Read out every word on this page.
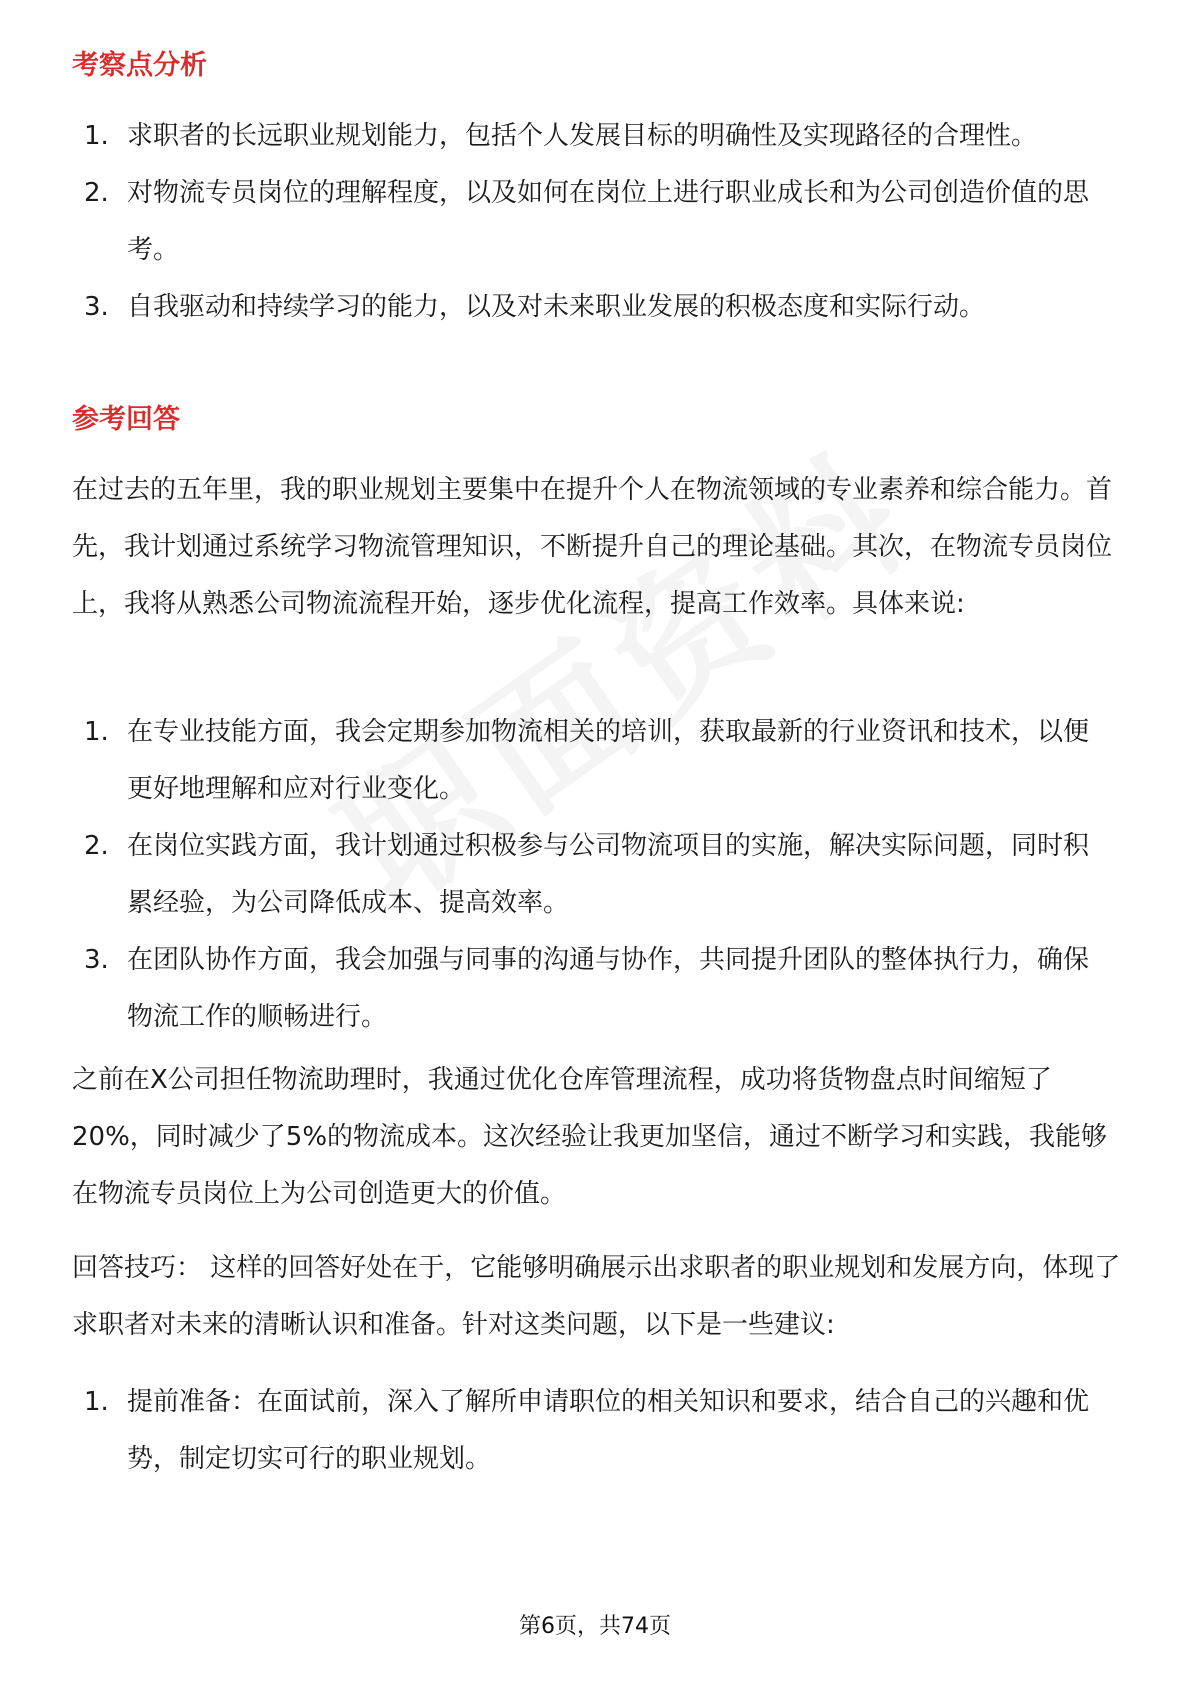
考察点分析
1. 求职者的长远职业规划能力，包括个人发展目标的明确性及实现路径的合理性。
2. 对物流专员岗位的理解程度，以及如何在岗位上进行职业成长和为公司创造价值的思考。
3. 自我驱动和持续学习的能力，以及对未来职业发展的积极态度和实际行动。
参考回答

在过去的五年里，我的职业规划主要集中在提升个人在物流领域的专业素养和综合能力。首先，我计划通过系统学习物流管理知识，不断提升自己的理论基础。其次，在物流专员岗位上，我将从熟悉公司物流流程开始，逐步优化流程，提高工作效率。具体来说:

1. 在专业技能方面，我会定期参加物流相关的培训，获取最新的行业资讯和技术，以便更好地理解和应对行业变化。
2. 在岗位实践方面，我计划通过积极参与公司物流项目的实施，解决实际问题，同时积累经验，为公司降低成本、提高效率。
3. 在团队协作方面，我会加强与同事的沟通与协作，共同提升团队的整体执行力，确保物流工作的顺畅进行。

之前在X公司担任物流助理时，我通过优化仓库管理流程，成功将货物盘点时间缩短了20%，同时减少了5%的物流成本。这次经验让我更加坚信，通过不断学习和实践，我能够在物流专员岗位上为公司创造更大的价值。

回答技巧： 这样的回答好处在于，它能够明确展示出求职者的职业规划和发展方向，体现了求职者对未来的清晰认识和准备。针对这类问题，以下是一些建议:

1. 提前准备：在面试前，深入了解所申请职位的相关知识和要求，结合自己的兴趣和优势，制定切实可行的职业规划。
第6页，共74页
